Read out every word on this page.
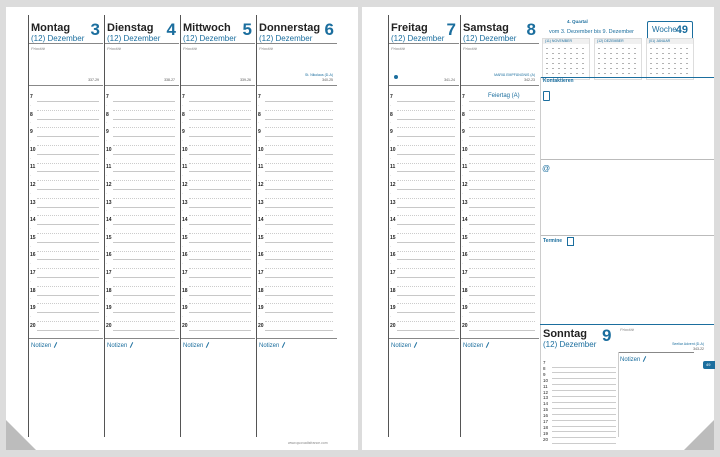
Montag 3
(12) Dezember
Priorität
337-29
7
·
8
·
9
·
10
·
11
·
12
·
13
·
14
·
15
·
16
·
17
·
18
·
19
·
20
Notizen
Dienstag 4
(12) Dezember
Priorität
338-27
7
·
8
·
9
·
10
·
11
·
12
·
13
·
14
·
15
·
16
·
17
·
18
·
19
·
20
Notizen
Mittwoch 5
(12) Dezember
Priorität
339-26
7
·
8
·
9
·
10
·
11
·
12
·
13
·
14
·
15
·
16
·
17
·
18
·
19
·
20
Notizen
Donnerstag 6
(12) Dezember
Priorität
St. Nikolaus (D-A)
340-25
7
·
8
·
9
·
10
·
11
·
12
·
13
·
14
·
15
·
16
·
17
·
18
·
19
·
20
Notizen
www.quovadisfrance.com
Freitag 7
(12) Dezember
Priorität
341-24
7
·
8
·
9
·
10
·
11
·
12
·
13
·
14
·
15
·
16
·
17
·
18
·
19
·
20
Notizen
Samstag 8
(12) Dezember
Priorität
MARIÄ EMPFÄNGNIS (A)
342-23
7
·
8
·
9
·
10
·
11
·
12
·
13
·
14
·
15
·
16
·
17
·
18
·
19
·
20
Notizen
Feiertag (A)
4. Quartal
vom 3. Dezember bis 9. Dezember Woche
49
(11) NOVEMBER	(12) DEZEMBER	(01) JANUAR
Kontaktieren
@
Termine
Sonntag
(12) Dezember 9 Priorität
Seeliar Advent (D-A)
343-22
Notizen
7
8
9
10
11
12
13
14
15
16
17
18
19
20
49
